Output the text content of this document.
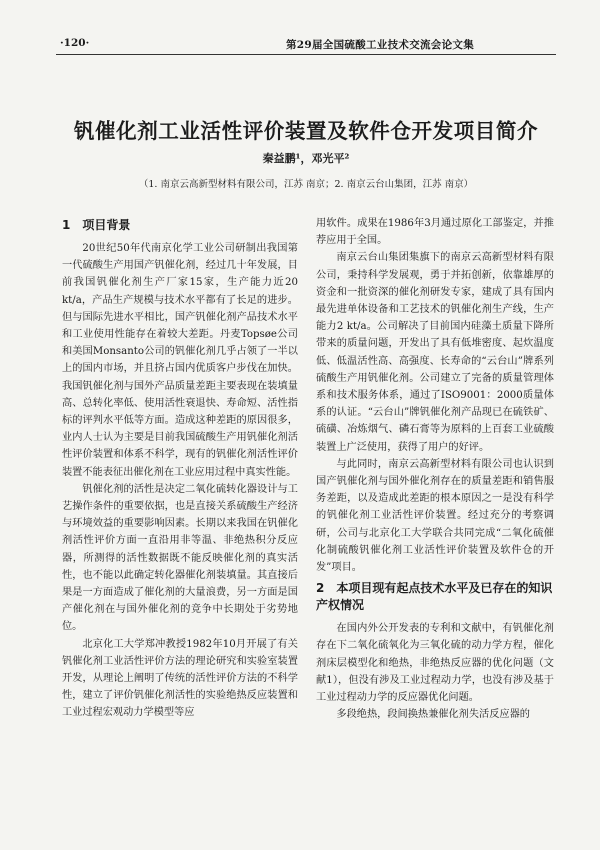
·120·	第29届全国硫酸工业技术交流会论文集
钒催化剂工业活性评价装置及软件仓开发项目简介
秦益鹏¹，邓光平²
（1. 南京云高新型材料有限公司，江苏 南京；2. 南京云台山集团，江苏 南京）
1　项目背景

20世纪50年代南京化学工业公司研制出我国第一代硫酸生产用国产钒催化剂，经过几十年发展，目前我国钒催化剂生产厂家15家，生产能力近20 kt/a，产品生产规模与技术水平都有了长足的进步。但与国际先进水平相比，国产钒催化剂产品技术水平和工业使用性能存在着较大差距。丹麦Topsøe公司和美国Monsanto公司的钒催化剂几乎占领了一半以上的国内市场，并且挤占国内优质客户步伐在加快。我国钒催化剂与国外产品质量差距主要表现在装填量高、总转化率低、使用活性衰退快、寿命短、活性指标的评判水平低等方面。造成这种差距的原因很多，业内人士认为主要是目前我国硫酸生产用钒催化剂活性评价装置和体系不科学，现有的钒催化剂活性评价装置不能表征出催化剂在工业应用过程中真实性能。

钒催化剂的活性是决定二氧化硫转化器设计与工艺操作条件的重要依据，也是直接关系硫酸生产经济与环境效益的重要影响因素。长期以来我国在钒催化剂活性评价方面一直沿用非等温、非绝热积分反应器，所测得的活性数据既不能反映催化剂的真实活性，也不能以此确定转化器催化剂装填量。其直接后果是一方面造成了催化剂的大量浪费，另一方面是国产催化剂在与国外催化剂的竞争中长期处于劣势地位。

北京化工大学郑冲教授1982年10月开展了有关钒催化剂工业活性评价方法的理论研究和实验室装置开发，从理论上阐明了传统的活性评价方法的不科学性，建立了评价钒催化剂活性的实验绝热反应装置和工业过程宏观动力学模型等应

用软件。成果在1986年3月通过原化工部鉴定，并推荐应用于全国。

南京云台山集团集旗下的南京云高新型材料有限公司，秉持科学发展观，勇于并拓创新，依靠雄厚的资金和一批资深的催化剂研发专家，建成了具有国内最先进单体设备和工艺技术的钒催化剂生产线，生产能力2 kt/a。公司解决了目前国内硅藻土质量下降所带来的质量问题，开发出了具有低堆密度、起炊温度低、低温活性高、高强度、长寿命的“云台山”牌系列硫酸生产用钒催化剂。公司建立了完备的质量管理体系和技术服务体系，通过了ISO9001：2000质量体系的认证。“云台山”牌钒催化剂产品现已在硫铁矿、硫磺、冶炼烟气、磷石膏等为原料的上百套工业硫酸装置上广泛使用，获得了用户的好评。

与此同时，南京云高新型材料有限公司也认识到国产钒催化剂与国外催化剂存在的质量差距和销售服务差距，以及造成此差距的根本原因之一是没有科学的钒催化剂工业活性评价装置。经过充分的考察调研，公司与北京化工大学联合共同完成“二氧化硫催化制硫酸钒催化剂工业活性评价装置及软件仓的开发”项目。

2　本项目现有起点技术水平及已存在的知识产权情况

在国内外公开发表的专利和文献中，有钒催化剂存在下二氧化硫氧化为三氧化硫的动力学方程，催化剂床层模型化和绝热，非绝热反应器的优化问题（文献1），但没有涉及工业过程动力学，也没有涉及基于工业过程动力学的反应器优化问题。

多段绝热，段间换热兼催化剂失活反应器的
